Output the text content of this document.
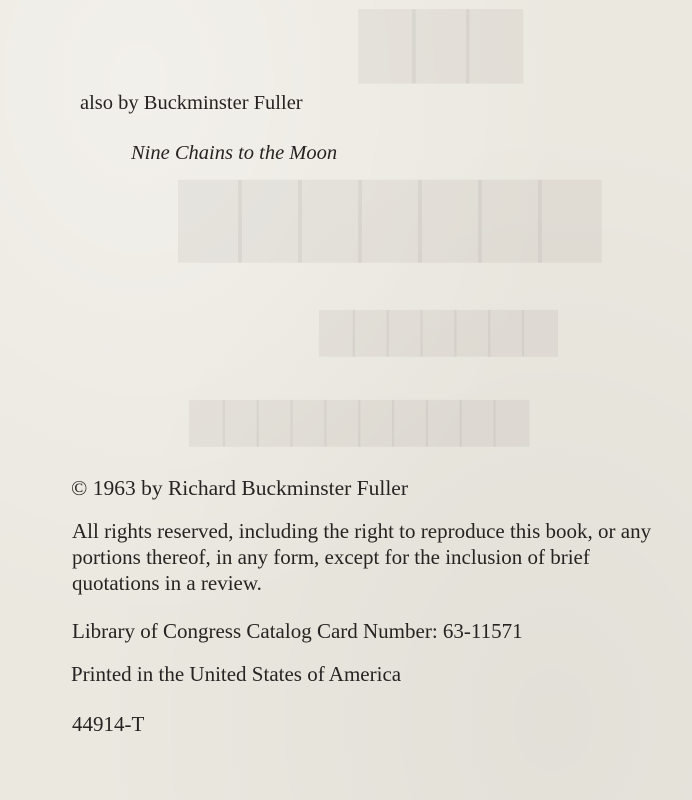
▇▇▇
▇▇▇▇▇▇▇
▇▇▇▇▇▇▇
▇▇▇▇▇▇▇▇▇▇
also by Buckminster Fuller
Nine Chains to the Moon
© 1963 by Richard Buckminster Fuller
All rights reserved, including the right to reproduce this book, or any portions thereof, in any form, except for the inclusion of brief quotations in a review.
Library of Congress Catalog Card Number: 63-11571
Printed in the United States of America
44914-T
